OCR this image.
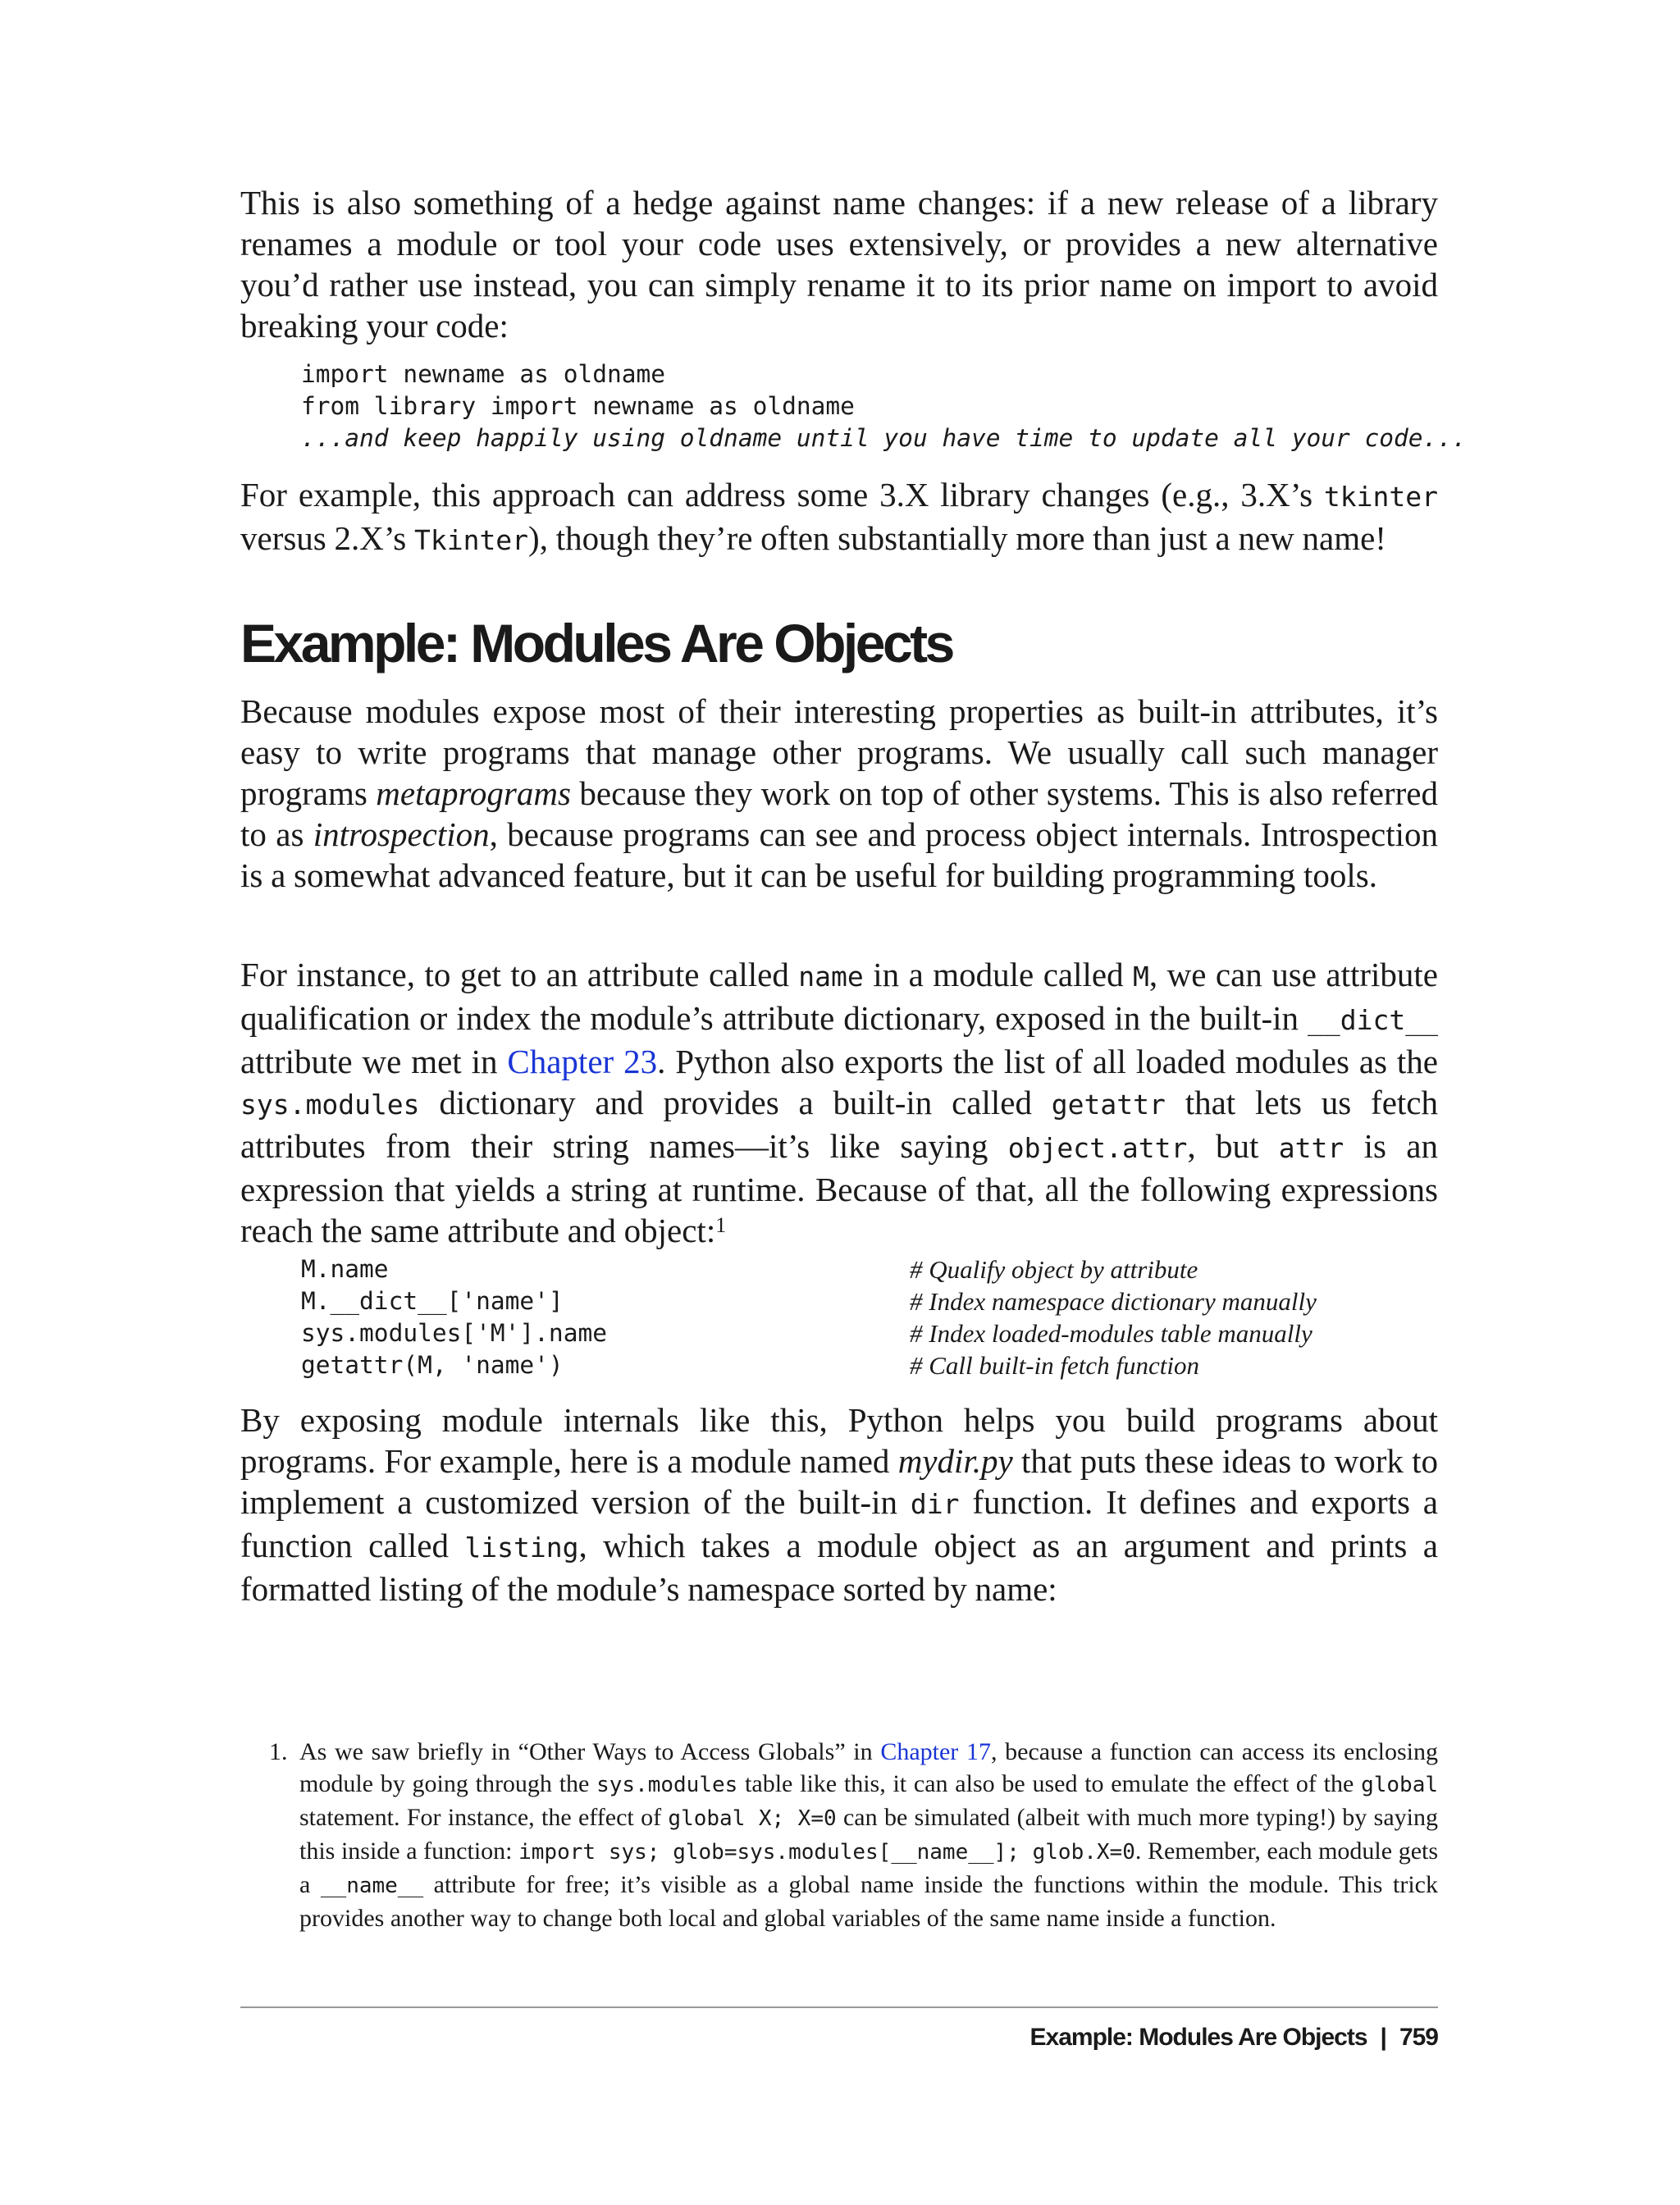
This is also something of a hedge against name changes: if a new release of a library renames a module or tool your code uses extensively, or provides a new alternative you’d rather use instead, you can simply rename it to its prior name on import to avoid breaking your code:

import newname as oldname
from library import newname as oldname
...and keep happily using oldname until you have time to update all your code...

For example, this approach can address some 3.X library changes (e.g., 3.X’s tkinter versus 2.X’s Tkinter), though they’re often substantially more than just a new name!

Example: Modules Are Objects

Because modules expose most of their interesting properties as built-in attributes, it’s easy to write programs that manage other programs. We usually call such manager programs metaprograms because they work on top of other systems. This is also referred to as introspection, because programs can see and process object internals. Introspection is a somewhat advanced feature, but it can be useful for building programming tools.

For instance, to get to an attribute called name in a module called M, we can use attribute qualification or index the module’s attribute dictionary, exposed in the built-in __dict__ attribute we met in Chapter 23. Python also exports the list of all loaded modules as the sys.modules dictionary and provides a built-in called getattr that lets us fetch attributes from their string names—it’s like saying object.attr, but attr is an expression that yields a string at runtime. Because of that, all the following expressions reach the same attribute and object:$^1$

M.name	# Qualify object by attribute
M.__dict__['name']	# Index namespace dictionary manually
sys.modules['M'].name	# Index loaded-modules table manually
getattr(M, 'name')	# Call built-in fetch function

By exposing module internals like this, Python helps you build programs about programs. For example, here is a module named mydir.py that puts these ideas to work to implement a customized version of the built-in dir function. It defines and exports a function called listing, which takes a module object as an argument and prints a formatted listing of the module’s namespace sorted by name:

1. As we saw briefly in “Other Ways to Access Globals” in Chapter 17, because a function can access its enclosing module by going through the sys.modules table like this, it can also be used to emulate the effect of the global statement. For instance, the effect of global X; X=0 can be simulated (albeit with much more typing!) by saying this inside a function: import sys; glob=sys.modules[__name__]; glob.X=0. Remember, each module gets a __name__ attribute for free; it’s visible as a global name inside the functions within the module. This trick provides another way to change both local and global variables of the same name inside a function.

Example: Modules Are Objects | 759
